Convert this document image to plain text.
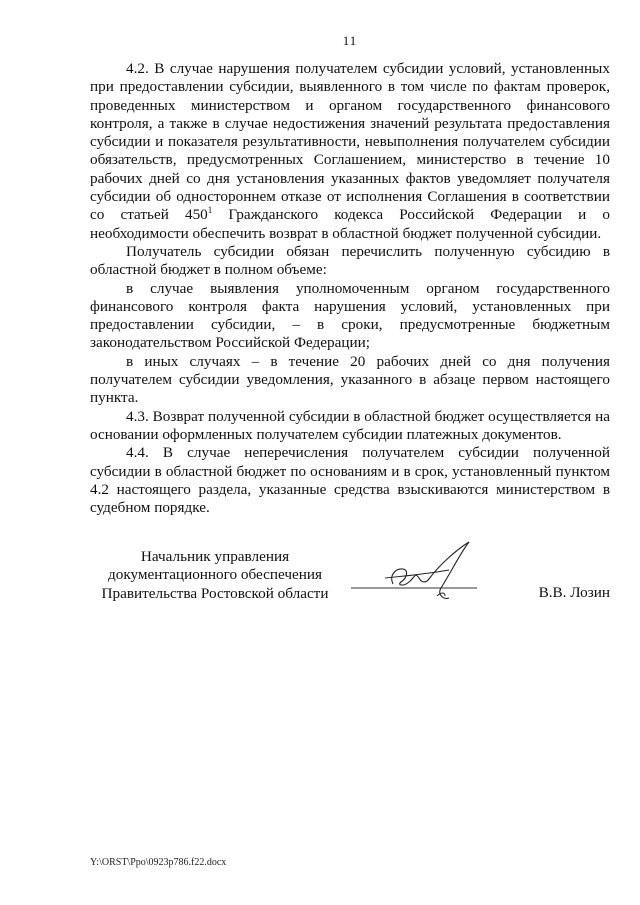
11

4.2. В случае нарушения получателем субсидии условий, установленных при предоставлении субсидии, выявленного в том числе по фактам проверок, проведенных министерством и органом государственного финансового контроля, а также в случае недостижения значений результата предоставления субсидии и показателя результативности, невыполнения получателем субсидии обязательств, предусмотренных Соглашением, министерство в течение 10 рабочих дней со дня установления указанных фактов уведомляет получателя субсидии об одностороннем отказе от исполнения Соглашения в соответствии со статьей $450^1$ Гражданского кодекса Российской Федерации и о необходимости обеспечить возврат в областной бюджет полученной субсидии.

Получатель субсидии обязан перечислить полученную субсидию в областной бюджет в полном объеме:

в случае выявления уполномоченным органом государственного финансового контроля факта нарушения условий, установленных при предоставлении субсидии, – в сроки, предусмотренные бюджетным законодательством Российской Федерации;

в иных случаях – в течение 20 рабочих дней со дня получения получателем субсидии уведомления, указанного в абзаце первом настоящего пункта.

4.3. Возврат полученной субсидии в областной бюджет осуществляется на основании оформленных получателем субсидии платежных документов.

4.4. В случае неперечисления получателем субсидии полученной субсидии в областной бюджет по основаниям и в срок, установленный пунктом 4.2 настоящего раздела, указанные средства взыскиваются министерством в судебном порядке.

Начальник управления
документационного обеспечения
Правительства Ростовской области	В.В. Лозин
Y:\ORST\Ppo\0923p786.f22.docx
